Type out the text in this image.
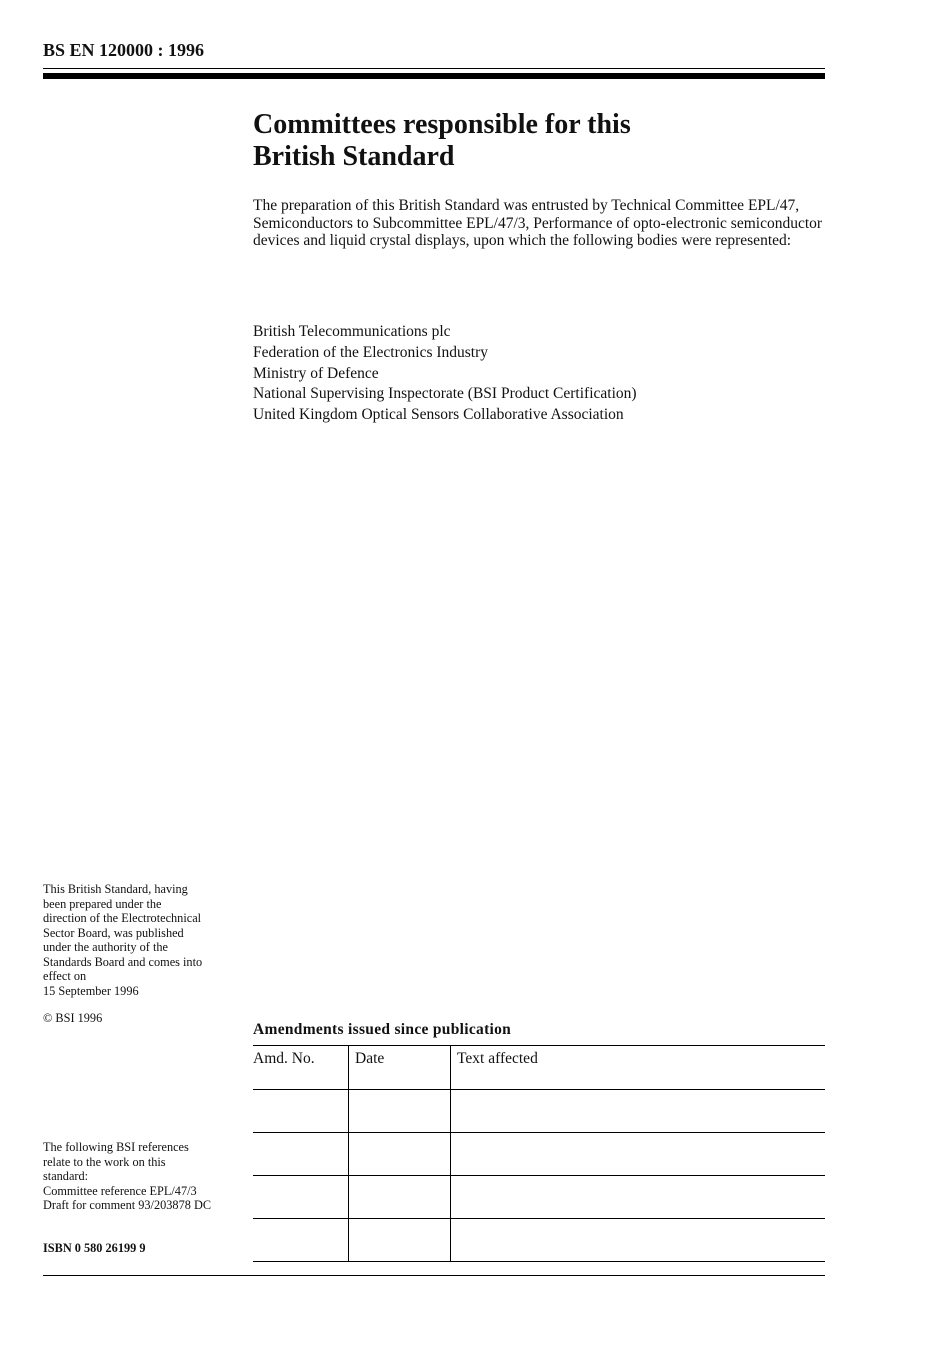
BS EN 120000 : 1996
Committees responsible for this
British Standard

The preparation of this British Standard was entrusted by Technical Committee EPL/47, Semiconductors to Subcommittee EPL/47/3, Performance of opto-electronic semiconductor devices and liquid crystal displays, upon which the following bodies were represented:

British Telecommunications plc
Federation of the Electronics Industry
Ministry of Defence
National Supervising Inspectorate (BSI Product Certification)
United Kingdom Optical Sensors Collaborative Association
This British Standard, having
been prepared under the
direction of the Electrotechnical
Sector Board, was published
under the authority of the
Standards Board and comes into
effect on
15 September 1996
© BSI 1996
The following BSI references
relate to the work on this
standard:
Committee reference EPL/47/3
Draft for comment 93/203878 DC
ISBN 0 580 26199 9
Amendments issued since publication
Amd. No.	Date	Text affected
